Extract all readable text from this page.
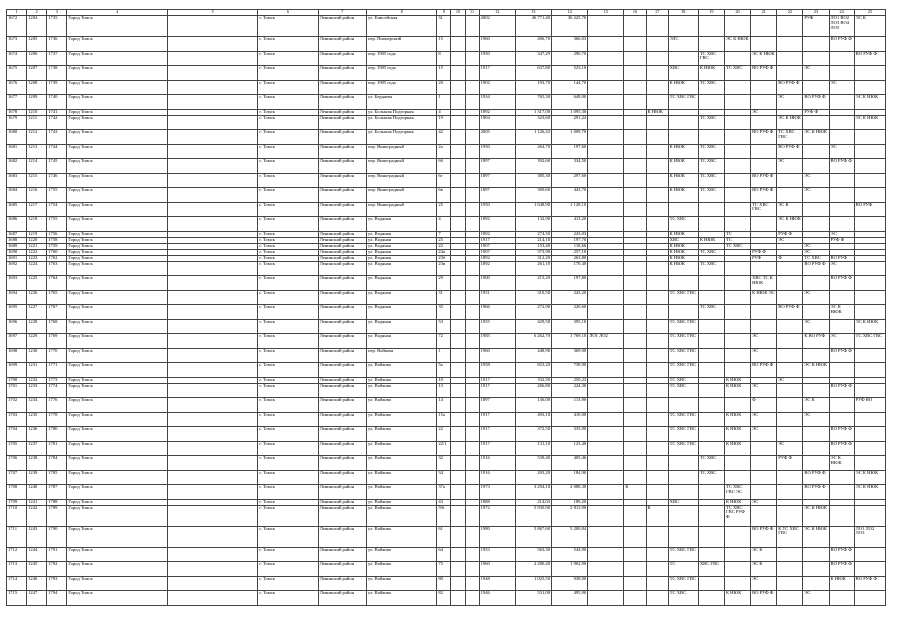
1	2	3	4	5	6	7	8	9	10	11	12	13	14	15	16	17	18	19	20	21	22	23	24	25
1672	1204	1735	Город Томск		г. Томск	Ленинский район	ул. Енисейская	31			2002	46 771,40	36 225,70									РУФ	ЛО1 ВО2 ЛО3 ВО4 ЛО5	ЭС К
1673	1205	1736	Город Томск		г. Томск	Ленинский район	пер. Пионерский	15			1960	406,70	366,03				ЭЛС		ЭС К НЮК				ВО РУФ Ф	
1674	1206	1737	Город Томск		г. Томск	Ленинский район	пер. 1905 года	8			1950	347,29	290,70					ТС ХВС ГВС		ЭС К НЮК				ВО РУФ Ф
1675	1207	1738	Город Томск		г. Томск	Ленинский район	пер. 1905 года	15			1917	637,80	523,10				ХВС	К НЮК	ТС ХВС	ВО РУФ Ф		ЭС		
1676	1208	1739	Город Томск		г. Томск	Ленинский район	пер. 1905 года	20			1902	193,70	144,70				К НЮК	ТС ХВС			ВО РУФ Ф		ЭС	
1677	1209	1740	Город Томск		г. Томск	Ленинский район	ул. Бердяева	1			1934	765,30	648,00				ТС ХВС ГВС				ЭС	ВО РУФ Ф		ЭС К НЮК
1678	1210	1741	Город Томск		г. Томск	Ленинский район	ул. Большая Подгорная	4			1892	1 317,00	1 095,30			К НЮК				ЭС		РУФ Ф		
1679	1211	1742	Город Томск		г. Томск	Ленинский район	ул. Большая Подгорная	19			1904	323,60	291,24					ТС ХВС			ЭС К НЮК			ЭС К НЮК
1680	1212	1743	Город Томск		г. Томск	Ленинский район	ул. Большая Подгорная	42			2005	1 126,43	1 009,70							ВО РУФ Ф	ТС ХВС ГВС	ЭС К НЮК		
1681	1213	1744	Город Томск		г. Томск	Ленинский район	пер. Виноградный	2а			1950	264,70	197,60				К НЮК	ТС ХВС			ВО РУФ Ф		ЭС	
1682	1214	1745	Город Томск		г. Томск	Ленинский район	пер. Виноградный	6б			1897	392,60	334,50				К НЮК	ТС ХВС			ЭС		ВО РУФ Ф	
1683	1215	1746	Город Томск		г. Томск	Ленинский район	пер. Виноградный	6г			1897	385,30	297,60				К НЮК	ТС ХВС		ВО РУФ Ф		ЭС		
1684	1216	1755	Город Томск		г. Томск	Ленинский район	пер. Виноградный	6в			1897	300,60	443,70				К НЮК	ТС ХВС		ВО РУФ Ф		ЭС		
1685	1217	1754	Город Томск		г. Томск	Ленинский район	пер. Виноградный	25			1950	1 648,90	1 128,10							ТС ХВС ГВС	ЭС К			ВО РУФ
1686	1218	1755	Город Томск		г. Томск	Ленинский район	ул. Водяная	4			1892	132,90	413,20				ТС ХВС				ЭС К НЮК			
1687	1219	1756	Город Томск		г. Томск	Ленинский район	ул. Водяная	7			1892	274,50	243,03				К НЮК		ТС		РУФ Ф		ЭС	
1688	1220	1758	Город Томск		г. Томск	Ленинский район	ул. Водяная	25			1917	214,10	197,70				ХВС	К НЮК	ТС		ЭС		РУФ Ф	
1689	1221	1759	Город Томск		г. Томск	Ленинский район	ул. Водяная	22			1907	153,40	118,66				К НЮК		ТС ХВС			ЭС		
1690	1222	1760	Город Томск		г. Томск	Ленинский район	ул. Водяная	24а			1907	373,90	257,10				К НЮК	ТС ХВС		РУФ Ф		ЭС		
1691	1223	1762	Город Томск		г. Томск	Ленинский район	ул. Водяная	23б			1892	312,20	263,80				К НЮК			РУФ	Ф	ТС ХВС	ВО РУФ	
1692	1224	1763	Город Томск		г. Томск	Ленинский район	ул. Водяная	23в			1892	261,10	170,40				К НЮК	ТС ХВС				ВО РУФ Ф	ЭС	
1693	1225	1764	Город Томск		г. Томск	Ленинский район	ул. Водяная	29			1900	215,20	197,80							ХВС ТС К НЮК			ВО РУФ Ф	
1694	1226	1765	Город Томск		г. Томск	Ленинский район	ул. Водяная	31			1951	310,50	243,20				ТС ХВС ГВС			К НЮК ЭС		ЭС		
1695	1227	1767	Город Томск		г. Томск	Ленинский район	ул. Водяная	35			1966	272,90	220,60					ТС ХВС			ВО РУФ Ф		ЭС К НЮК	
1696	1228	1768	Город Томск		г. Томск	Ленинский район	ул. Водяная	53			1955	429,50	395,10				ТС ХВС ГВС					ЭС		ЭС К НЮК
1697	1229	1769	Город Томск		г. Томск	Ленинский район	ул. Водяная	72			1985	6 262,70	1 769,10	ЛО1 ЛО2			ТС ХВС ГВС			ЭС		К ВО РУФ	ЭС	ТС ХВС ГВС
1698	1230	1770	Город Томск		г. Томск	Ленинский район	пер. Войкова	1			1960	448,90	369,00				ТС ХВС ГВС			ЭС			ВО РУФ Ф	
1699	1231	1771	Город Томск		г. Томск	Ленинский район	ул. Войкова	5а			1958	823,20	738,90				ТС ХВС ГВС			ВО РУФ Ф		ЭС К НЮК		
1700	1232	1773	Город Томск		г. Томск	Ленинский район	ул. Войкова	10			1917	332,50	250,23				ТС ХВС		К НЮК		ЭС			
1701	1233	1774	Город Томск		г. Томск	Ленинский район	ул. Войкова	13			1917	266,80	224,30				ТС ХВС		К НЮК	ЭС			ВО РУФ Ф	
1702	1234	1776	Город Томск		г. Томск	Ленинский район	ул. Войкова	14			1897	136,00	113,90							Ф		ЭС К		РУФ ВО
1703	1235	1778	Город Томск		г. Томск	Ленинский район	ул. Войкова	15а			1917	493,10	410,00				ТС ХВС ГВС		К НЮК	ЭС		ЭС		
1704	1236	1780	Город Томск		г. Томск	Ленинский район	ул. Войкова	22			1917	372,50	335,90				ТС ХВС ГВС		К НЮК	ЭС			ВО РУФ Ф	
1705	1237	1781	Город Томск		г. Томск	Ленинский район	ул. Войкова	22/1			1917	131,10	123,40				ТС ХВС ГВС		К НЮК		ЭС		ВО РУФ Ф	
1706	1238	1784	Город Томск		г. Томск	Ленинский район	ул. Войкова	32			1916	539,40	405,46					ТС ХВС			РУФ Ф		ЭС К НЮК	
1707	1239	1785	Город Томск		г. Томск	Ленинский район	ул. Войкова	34			1916	203,20	184,90					ТС ХВС				ВО РУФ Ф		ЭС К НЮК
1708	1240	1787	Город Томск		г. Томск	Ленинский район	ул. Войкова	37а			1973	3 294,10	2 088,30		К				ТС ХВС ГВС ЭС			ВО РУФ Ф		ЭС К НЮК
1709	1241	1788	Город Томск		г. Томск	Ленинский район	ул. Войкова	43			1888	214,03	189,20				ХВС		К НЮК	ЭС				
1710	1242	1789	Город Томск		г. Томск	Ленинский район	ул. Войкова	59г			1972	5 930,90	2 813,90			К			ТС ХВС ГВС РУФ Ф			ЭС К НЮК		
1711	1243	1790	Город Томск		г. Томск	Ленинский район	ул. Войкова	61			1980	5 867,60	5 200,84							ВО РУФ Ф	К ТС ХВС ГВС	ЭС К НЮК		ЛО1 ЛО2 ЛО3
1712	1244	1791	Город Томск		г. Томск	Ленинский район	ул. Войкова	64			1953	563,30	544,90				ТС ХВС ГВС			ЭС К			ВО РУФ Ф	
1713	1245	1792	Город Томск		г. Томск	Ленинский район	ул. Войкова	75			1960	2 280,40	1 902,90				ТС	ХВС ГВС		ЭС К			ВО РУФ Ф	
1714	1246	1793	Город Томск		г. Томск	Ленинский район	ул. Войкова	80			1948	1 025,50	938,00				ТС ХВС ГВС			ЭС			К НЮК	ВО РУФ Ф
1715	1247	1794	Город Томск		г. Томск	Ленинский район	ул. Войкова	82			1946	531,00	495,90				ТС ХВС		К НЮК	ВО РУФ Ф		ЭС		
